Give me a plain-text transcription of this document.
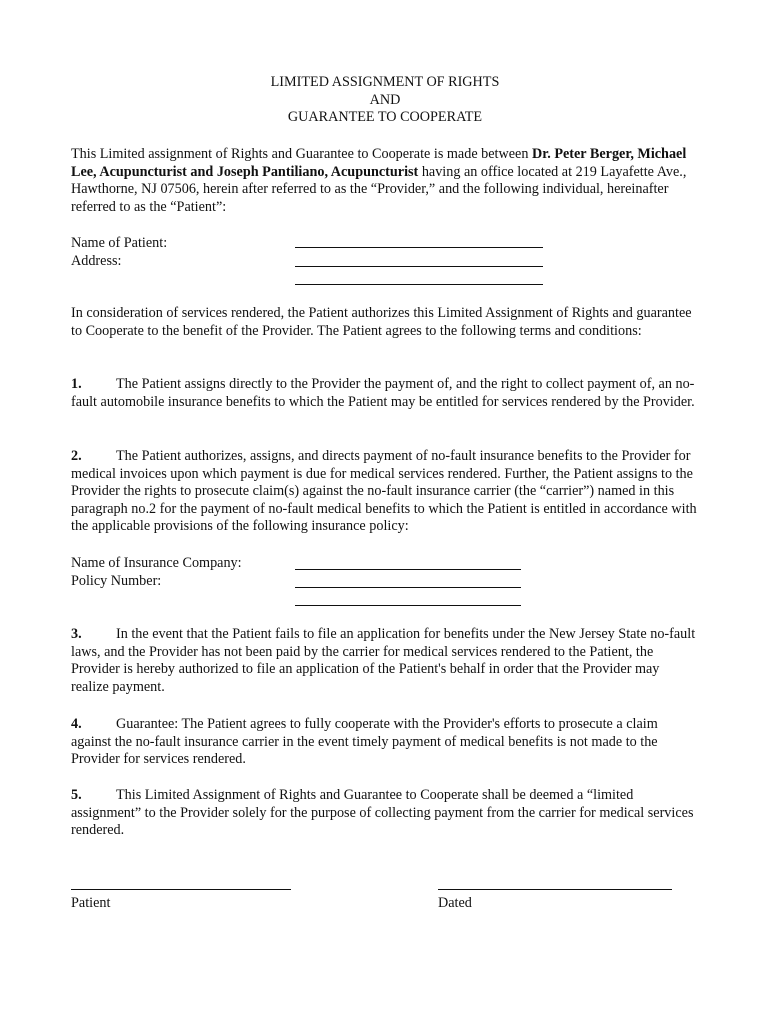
LIMITED ASSIGNMENT OF RIGHTS
AND
GUARANTEE TO COOPERATE
This Limited assignment of Rights and Guarantee to Cooperate is made between Dr. Peter Berger, Michael Lee, Acupuncturist and Joseph Pantiliano, Acupuncturist having an office located at 219 Layafette Ave., Hawthorne, NJ 07506, herein after referred to as the “Provider,” and the following individual, hereinafter referred to as the “Patient”:
Name of Patient:
Address:
In consideration of services rendered, the Patient authorizes this Limited Assignment of Rights and guarantee to Cooperate to the benefit of the Provider. The Patient agrees to the following terms and conditions:
1. The Patient assigns directly to the Provider the payment of, and the right to collect payment of, an no-fault automobile insurance benefits to which the Patient may be entitled for services rendered by the Provider.
2. The Patient authorizes, assigns, and directs payment of no-fault insurance benefits to the Provider for medical invoices upon which payment is due for medical services rendered. Further, the Patient assigns to the Provider the rights to prosecute claim(s) against the no-fault insurance carrier (the “carrier”) named in this paragraph no.2 for the payment of no-fault medical benefits to which the Patient is entitled in accordance with the applicable provisions of the following insurance policy:
Name of Insurance Company:
Policy Number:
3. In the event that the Patient fails to file an application for benefits under the New Jersey State no-fault laws, and the Provider has not been paid by the carrier for medical services rendered to the Patient, the Provider is hereby authorized to file an application of the Patient's behalf in order that the Provider may realize payment.
4. Guarantee: The Patient agrees to fully cooperate with the Provider's efforts to prosecute a claim against the no-fault insurance carrier in the event timely payment of medical benefits is not made to the Provider for services rendered.
5. This Limited Assignment of Rights and Guarantee to Cooperate shall be deemed a “limited assignment” to the Provider solely for the purpose of collecting payment from the carrier for medical services rendered.
Patient	Dated
